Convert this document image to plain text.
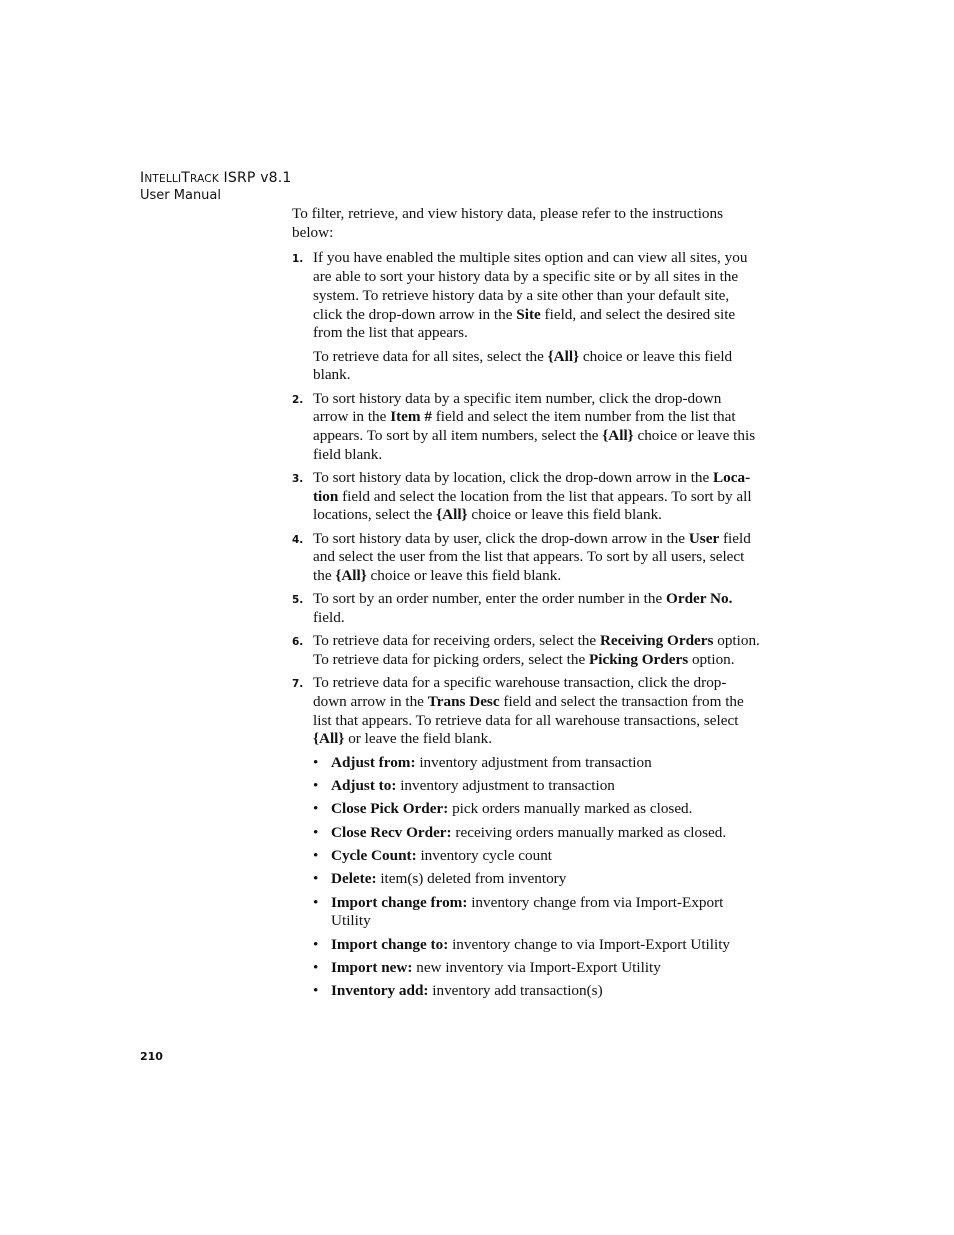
INTELLITRACK ISRP v8.1
User Manual

To filter, retrieve, and view history data, please refer to the instructions below:

1. If you have enabled the multiple sites option and can view all sites, you are able to sort your history data by a specific site or by all sites in the system. To retrieve history data by a site other than your default site, click the drop-down arrow in the Site field, and select the desired site from the list that appears.

To retrieve data for all sites, select the {All} choice or leave this field blank.

2. To sort history data by a specific item number, click the drop-down arrow in the Item # field and select the item number from the list that appears. To sort by all item numbers, select the {All} choice or leave this field blank.

3. To sort history data by location, click the drop-down arrow in the Loca-tion field and select the location from the list that appears. To sort by all locations, select the {All} choice or leave this field blank.

4. To sort history data by user, click the drop-down arrow in the User field and select the user from the list that appears. To sort by all users, select the {All} choice or leave this field blank.

5. To sort by an order number, enter the order number in the Order No. field.

6. To retrieve data for receiving orders, select the Receiving Orders option. To retrieve data for picking orders, select the Picking Orders option.

7. To retrieve data for a specific warehouse transaction, click the drop-down arrow in the Trans Desc field and select the transaction from the list that appears. To retrieve data for all warehouse transactions, select {All} or leave the field blank.

• Adjust from: inventory adjustment from transaction
• Adjust to: inventory adjustment to transaction
• Close Pick Order: pick orders manually marked as closed.
• Close Recv Order: receiving orders manually marked as closed.
• Cycle Count: inventory cycle count
• Delete: item(s) deleted from inventory
• Import change from: inventory change from via Import-Export Utility
• Import change to: inventory change to via Import-Export Utility
• Import new: new inventory via Import-Export Utility
• Inventory add: inventory add transaction(s)
210
